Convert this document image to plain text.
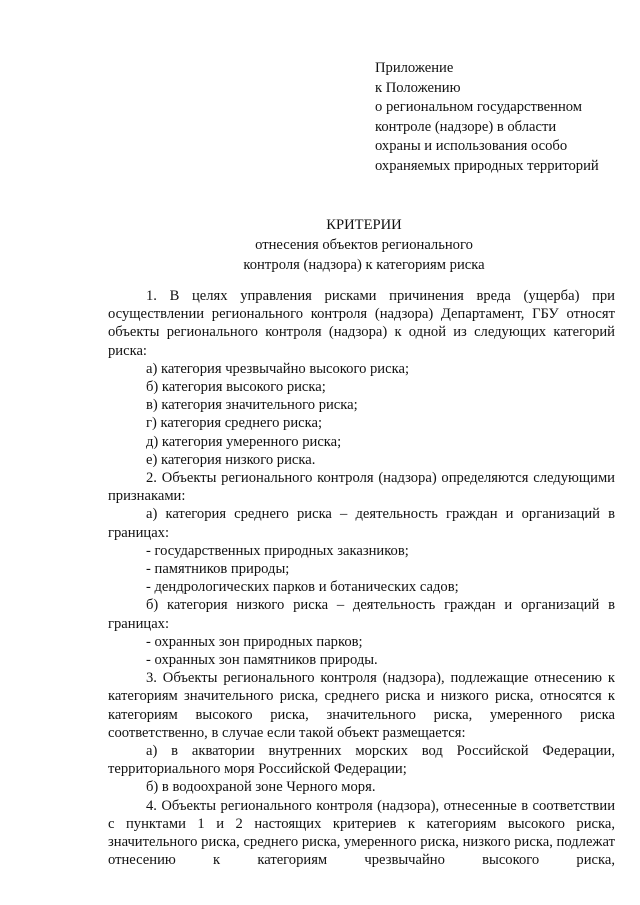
Приложение
к Положению
о региональном государственном
контроле (надзоре) в области
охраны и использования особо
охраняемых природных территорий
КРИТЕРИИ
отнесения объектов регионального
контроля (надзора) к категориям риска

1. В целях управления рисками причинения вреда (ущерба) при осуществлении регионального контроля (надзора) Департамент, ГБУ относят объекты регионального контроля (надзора) к одной из следующих категорий риска:

а) категория чрезвычайно высокого риска;

б) категория высокого риска;

в) категория значительного риска;

г) категория среднего риска;

д) категория умеренного риска;

е) категория низкого риска.

2. Объекты регионального контроля (надзора) определяются следующими признаками:

а) категория среднего риска – деятельность граждан и организаций в границах:

- государственных природных заказников;

- памятников природы;

- дендрологических парков и ботанических садов;

б) категория низкого риска – деятельность граждан и организаций в границах:

- охранных зон природных парков;

- охранных зон памятников природы.

3. Объекты регионального контроля (надзора), подлежащие отнесению к категориям значительного риска, среднего риска и низкого риска, относятся к категориям высокого риска, значительного риска, умеренного риска соответственно, в случае если такой объект размещается:

а) в акватории внутренних морских вод Российской Федерации, территориального моря Российской Федерации;

б) в водоохраной зоне Черного моря.

4. Объекты регионального контроля (надзора), отнесенные в соответствии с пунктами 1 и 2 настоящих критериев к категориям высокого риска, значительного риска, среднего риска, умеренного риска, низкого риска, подлежат отнесению к категориям чрезвычайно высокого риска,
